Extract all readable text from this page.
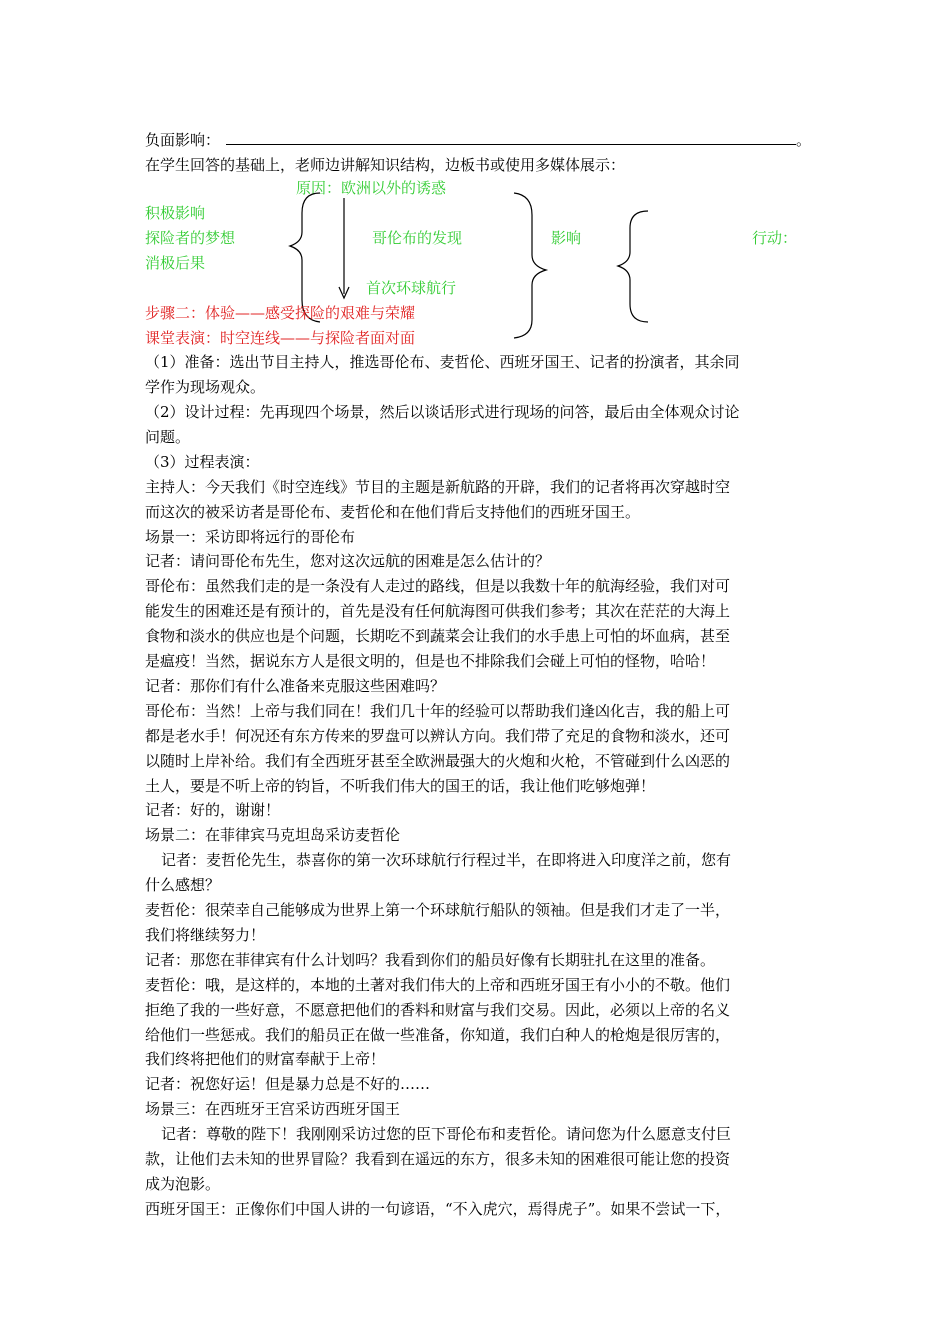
负面影响：	。
在学生回答的基础上，老师边讲解知识结构，边板书或使用多媒体展示：
原因：欧洲以外的诱惑
积极影响
探险者的梦想
消极后果
哥伦布的发现	影响	行动：
首次环球航行
步骤二：体验——感受探险的艰难与荣耀
课堂表演：时空连线——与探险者面对面
（1）准备：选出节目主持人，推选哥伦布、麦哲伦、西班牙国王、记者的扮演者，其余同
学作为现场观众。
（2）设计过程：先再现四个场景，然后以谈话形式进行现场的问答，最后由全体观众讨论
问题。
（3）过程表演：
主持人：今天我们《时空连线》节目的主题是新航路的开辟，我们的记者将再次穿越时空
而这次的被采访者是哥伦布、麦哲伦和在他们背后支持他们的西班牙国王。
场景一：采访即将远行的哥伦布
记者：请问哥伦布先生，您对这次远航的困难是怎么估计的？
哥伦布：虽然我们走的是一条没有人走过的路线，但是以我数十年的航海经验，我们对可
能发生的困难还是有预计的，首先是没有任何航海图可供我们参考；其次在茫茫的大海上
食物和淡水的供应也是个问题，长期吃不到蔬菜会让我们的水手患上可怕的坏血病，甚至
是瘟疫！当然，据说东方人是很文明的，但是也不排除我们会碰上可怕的怪物，哈哈！
记者：那你们有什么准备来克服这些困难吗？
哥伦布：当然！上帝与我们同在！我们几十年的经验可以帮助我们逢凶化吉，我的船上可
都是老水手！何况还有东方传来的罗盘可以辨认方向。我们带了充足的食物和淡水，还可
以随时上岸补给。我们有全西班牙甚至全欧洲最强大的火炮和火枪，不管碰到什么凶恶的
土人，要是不听上帝的钧旨，不听我们伟大的国王的话，我让他们吃够炮弹！
记者：好的，谢谢！
场景二：在菲律宾马克坦岛采访麦哲伦
记者：麦哲伦先生，恭喜你的第一次环球航行行程过半，在即将进入印度洋之前，您有
什么感想？
麦哲伦：很荣幸自己能够成为世界上第一个环球航行船队的领袖。但是我们才走了一半，
我们将继续努力！
记者：那您在菲律宾有什么计划吗？我看到你们的船员好像有长期驻扎在这里的准备。
麦哲伦：哦，是这样的，本地的土著对我们伟大的上帝和西班牙国王有小小的不敬。他们
拒绝了我的一些好意，不愿意把他们的香料和财富与我们交易。因此，必须以上帝的名义
给他们一些惩戒。我们的船员正在做一些准备，你知道，我们白种人的枪炮是很厉害的，
我们终将把他们的财富奉献于上帝！
记者：祝您好运！但是暴力总是不好的……
场景三：在西班牙王宫采访西班牙国王
记者：尊敬的陛下！我刚刚采访过您的臣下哥伦布和麦哲伦。请问您为什么愿意支付巨
款，让他们去未知的世界冒险？我看到在遥远的东方，很多未知的困难很可能让您的投资
成为泡影。
西班牙国王：正像你们中国人讲的一句谚语，“不入虎穴，焉得虎子”。如果不尝试一下，
